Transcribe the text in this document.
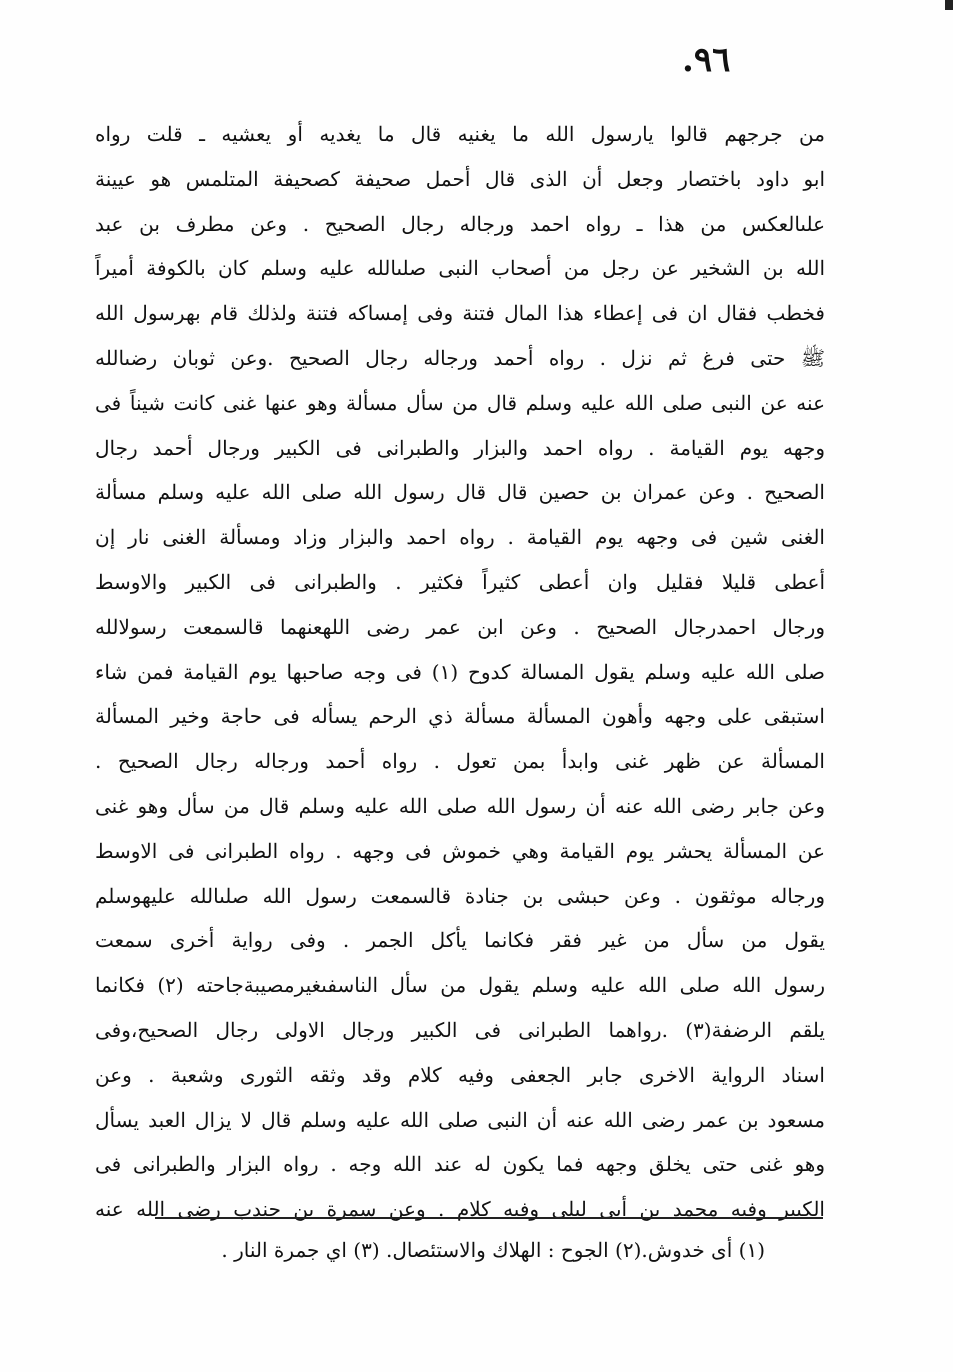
٩٦.
من جرجهم قالوا يارسول الله ما يغنيه قال ما يغديه أو يعشيه ـ قلت رواه
ابو داود باختصار وجعل أن الذى قال أحمل صحيفة كصحيفة المتلمس هو عيينة
علىالعكس من هذا ـ رواه احمد ورجاله رجال الصحيح . وعن مطرف بن عبد
الله بن الشخير عن رجل من أصحاب النبى صلىالله عليه وسلم كان بالكوفة أميراً
فخطب فقال ان فى إعطاء هذا المال فتنة وفى إمساكه فتنة ولذلك قام بهرسول الله
ﷺ حتى فرغ ثم نزل . رواه أحمد ورجاله رجال الصحيح .وعن ثوبان رضىالله
عنه عن النبى صلى الله عليه وسلم قال من سأل مسألة وهو عنها غنى كانت شيناً فى
وجهه يوم القيامة . رواه احمد والبزار والطبرانى فى الكبير ورجال أحمد رجال
الصحيح . وعن عمران بن حصين قال قال رسول الله صلى الله عليه وسلم مسألة
الغنى شين فى وجهه يوم القيامة . رواه احمد والبزار وزاد ومسألة الغنى نار إن
أعطى قليلا فقليل وان أعطى كثيراً فكثير . والطبرانى فى الكبير والاوسط
ورجال احمدرجال الصحيح . وعن ابن عمر رضى اللهعنهما قالسمعت رسولالله
صلى الله عليه وسلم يقول المسالة كدوح (١) فى وجه صاحبها يوم القيامة فمن شاء
استبقى على وجهه وأهون المسألة مسألة ذي الرحم يسأله فى حاجة وخير المسألة
المسألة عن ظهر غنى وابدأ بمن تعول . رواه أحمد ورجاله رجال الصحيح .
وعن جابر رضى الله عنه أن رسول الله صلى الله عليه وسلم قال من سأل وهو غنى
عن المسألة يحشر يوم القيامة وهي خموش فى وجهه . رواه الطبرانى فى الاوسط
ورجاله موثقون . وعن حبشى بن جنادة قالسمعت رسول الله صلىالله عليهوسلم
يقول من سأل من غير فقر فكانما يأكل الجمر . وفى رواية أخرى سمعت
رسول الله صلى الله عليه وسلم يقول من سأل الناسفىغيرمصيبةجاحته (٢) فكانما
يلقم الرضفة(٣) .رواهما الطبرانى فى الكبير ورجال الاولى رجال الصحيح،وفى
اسناد الرواية الاخرى جابر الجعفى وفيه كلام وقد وثقه الثورى وشعبة . وعن
مسعود بن عمر رضى الله عنه أن النبى صلى الله عليه وسلم قال لا يزال العبد يسأل
وهو غنى حتى يخلق وجهه فما يكون له عند الله وجه . رواه البزار والطبرانى فى
الكبير وفيه محمد بن أبى ليلى وفيه كلام . وعن سمرة بن جندب رضى الله عنه
(١) أى خدوش.(٢) الجوح : الهلاك والاستئصال. (٣) اي جمرة النار .
